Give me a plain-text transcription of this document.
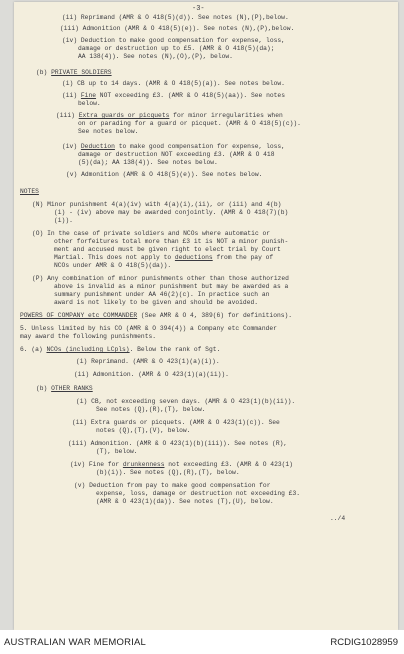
-3-
(ii) Reprimand (AMR & O 418(5)(d)). See notes (N),(P),below.
(iii) Admonition (AMR & O 418(5)(e)). See notes (N),(P),below.
(iv) Deduction to make good compensation for expense, loss,
damage or destruction up to £5. (AMR & O 418(5)(da);
AA 138(4)). See notes (N),(O),(P), below.
(b) PRIVATE SOLDIERS
(i) CB up to 14 days. (AMR & O 418(5)(a)). See notes below.
(ii) Fine NOT exceeding £3. (AMR & O 418(5)(aa)). See notes
below.
(iii) Extra guards or picquets for minor irregularities when
on or parading for a guard or picquet. (AMR & O 418(5)(c)).
See notes below.
(iv) Deduction to make good compensation for expense, loss,
damage or destruction NOT exceeding £3. (AMR & O 418
(5)(da); AA 138(4)). See notes below.
(v) Admonition (AMR & O 418(5)(e)). See notes below.
NOTES
(N) Minor punishment 4(a)(iv) with 4(a)(i),(ii), or (iii) and 4(b)
(i) - (iv) above may be awarded conjointly. (AMR & O 418(7)(b)
(i)).
(O) In the case of private soldiers and NCOs where automatic or
other forfeitures total more than £3 it is NOT a minor punish-
ment and accused must be given right to elect trial by Court
Martial. This does not apply to deductions from the pay of
NCOs under AMR & O 418(5)(da)).
(P) Any combination of minor punishments other than those authorized
above is invalid as a minor punishment but may be awarded as a
summary punishment under AA 46(2)(c). In practice such an
award is not likely to be given and should be avoided.
POWERS OF COMPANY etc COMMANDER (See AMR & O 4, 389(6) for definitions).
5. Unless limited by his CO (AMR & O 394(4)) a Company etc Commander
may award the following punishments.
6. (a) NCOs (including LCpls). Below the rank of Sgt.
(i) Reprimand. (AMR & O 423(1)(a)(i)).
(ii) Admonition. (AMR & O 423(1)(a)(ii)).
(b) OTHER RANKS
(i) CB, not exceeding seven days. (AMR & O 423(1)(b)(ii)).
See notes (Q),(R),(T), below.
(ii) Extra guards or picquets. (AMR & O 423(1)(c)). See
notes (Q),(T),(V), below.
(iii) Admonition. (AMR & O 423(1)(b)(iii)). See notes (R),
(T), below.
(iv) Fine for drunkenness not exceeding £3. (AMR & O 423(1)
(b)(i)). See notes (Q),(R),(T), below.
(v) Deduction from pay to make good compensation for
expense, loss, damage or destruction not exceeding £3.
(AMR & O 423(1)(da)). See notes (T),(U), below.
../4
AUSTRALIAN WAR MEMORIAL	RCDIG1028959
